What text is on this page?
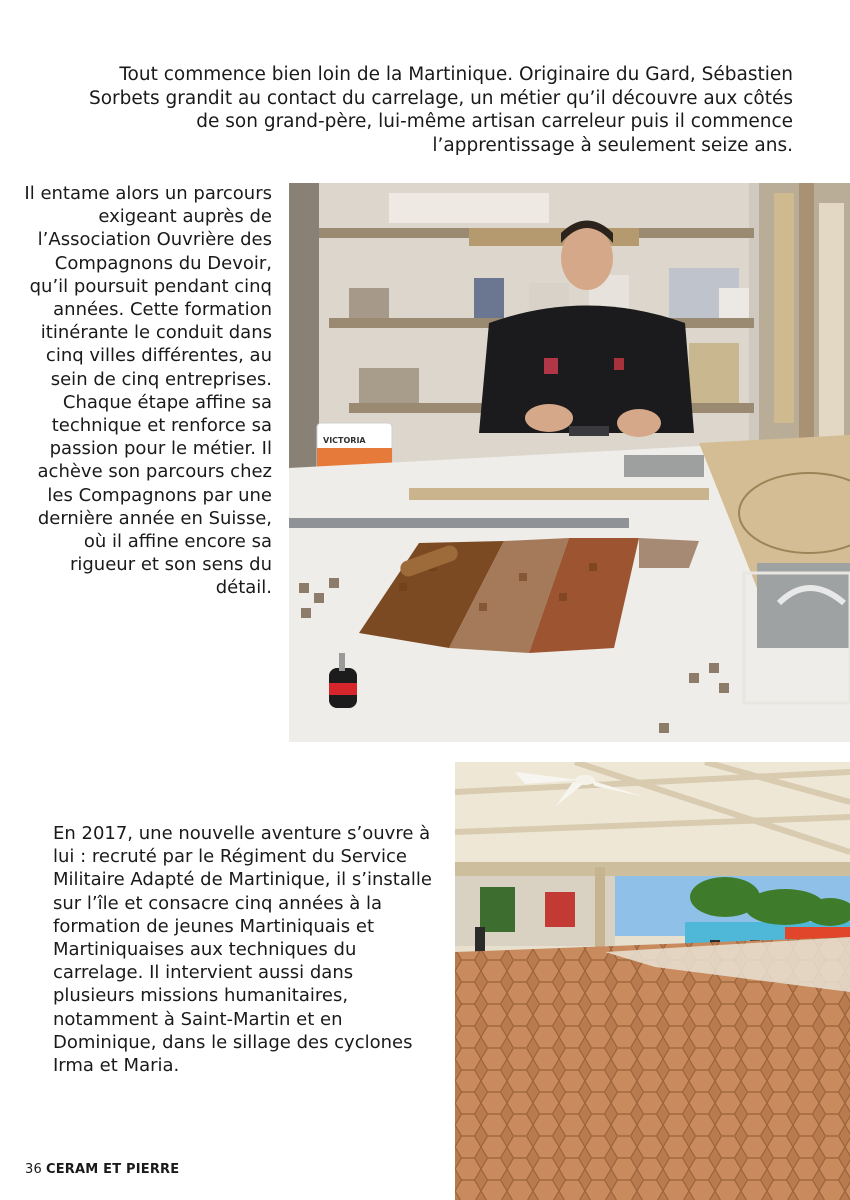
Tout commence bien loin de la Martinique. Originaire du Gard, Sébastien Sorbets grandit au contact du carrelage, un métier qu’il découvre aux côtés de son grand-père, lui-même artisan carreleur puis il commence l’apprentissage à seulement seize ans.

Il entame alors un parcours exigeant auprès de l’Association Ouvrière des Compagnons du Devoir, qu’il poursuit pendant cinq années. Cette formation itinérante le conduit dans cinq villes différentes, au sein de cinq entreprises. Chaque étape affine sa technique et renforce sa passion pour le métier. Il achève son parcours chez les Compagnons par une dernière année en Suisse, où il affine encore sa rigueur et son sens du détail.

VICTORIA

En 2017, une nouvelle aventure s’ouvre à lui : recruté par le Régiment du Service Militaire Adapté de Martinique, il s’installe sur l’île et consacre cinq années à la formation de jeunes Martiniquais et Martiniquaises aux techniques du carrelage. Il intervient aussi dans plusieurs missions humanitaires, notamment à Saint-Martin et en Dominique, dans le sillage des cyclones Irma et Maria.

36 CERAM ET PIERRE
